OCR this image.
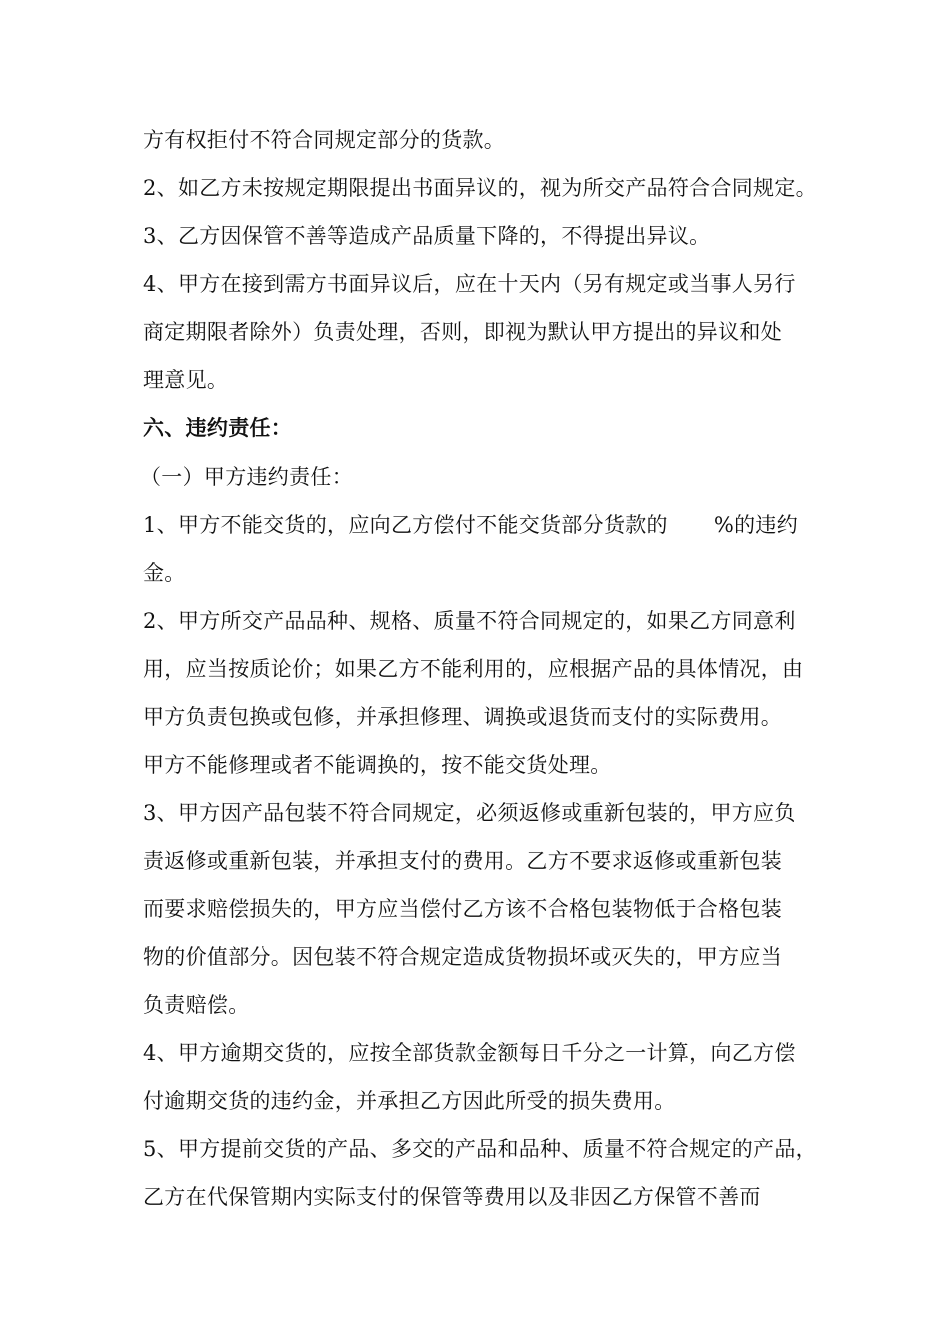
方有权拒付不符合同规定部分的货款。
2、如乙方未按规定期限提出书面异议的，视为所交产品符合合同规定。
3、乙方因保管不善等造成产品质量下降的，不得提出异议。
4、甲方在接到需方书面异议后，应在十天内（另有规定或当事人另行
商定期限者除外）负责处理，否则，即视为默认甲方提出的异议和处
理意见。
六、违约责任：
（一）甲方违约责任：
1、甲方不能交货的，应向乙方偿付不能交货部分货款的 %的违约
金。
2、甲方所交产品品种、规格、质量不符合同规定的，如果乙方同意利
用，应当按质论价；如果乙方不能利用的，应根据产品的具体情况，由
甲方负责包换或包修，并承担修理、调换或退货而支付的实际费用。
甲方不能修理或者不能调换的，按不能交货处理。
3、甲方因产品包装不符合同规定，必须返修或重新包装的，甲方应负
责返修或重新包装，并承担支付的费用。乙方不要求返修或重新包装
而要求赔偿损失的，甲方应当偿付乙方该不合格包装物低于合格包装
物的价值部分。因包装不符合规定造成货物损坏或灭失的，甲方应当
负责赔偿。
4、甲方逾期交货的，应按全部货款金额每日千分之一计算，向乙方偿
付逾期交货的违约金，并承担乙方因此所受的损失费用。
5、甲方提前交货的产品、多交的产品和品种、质量不符合规定的产品，
乙方在代保管期内实际支付的保管等费用以及非因乙方保管不善而
